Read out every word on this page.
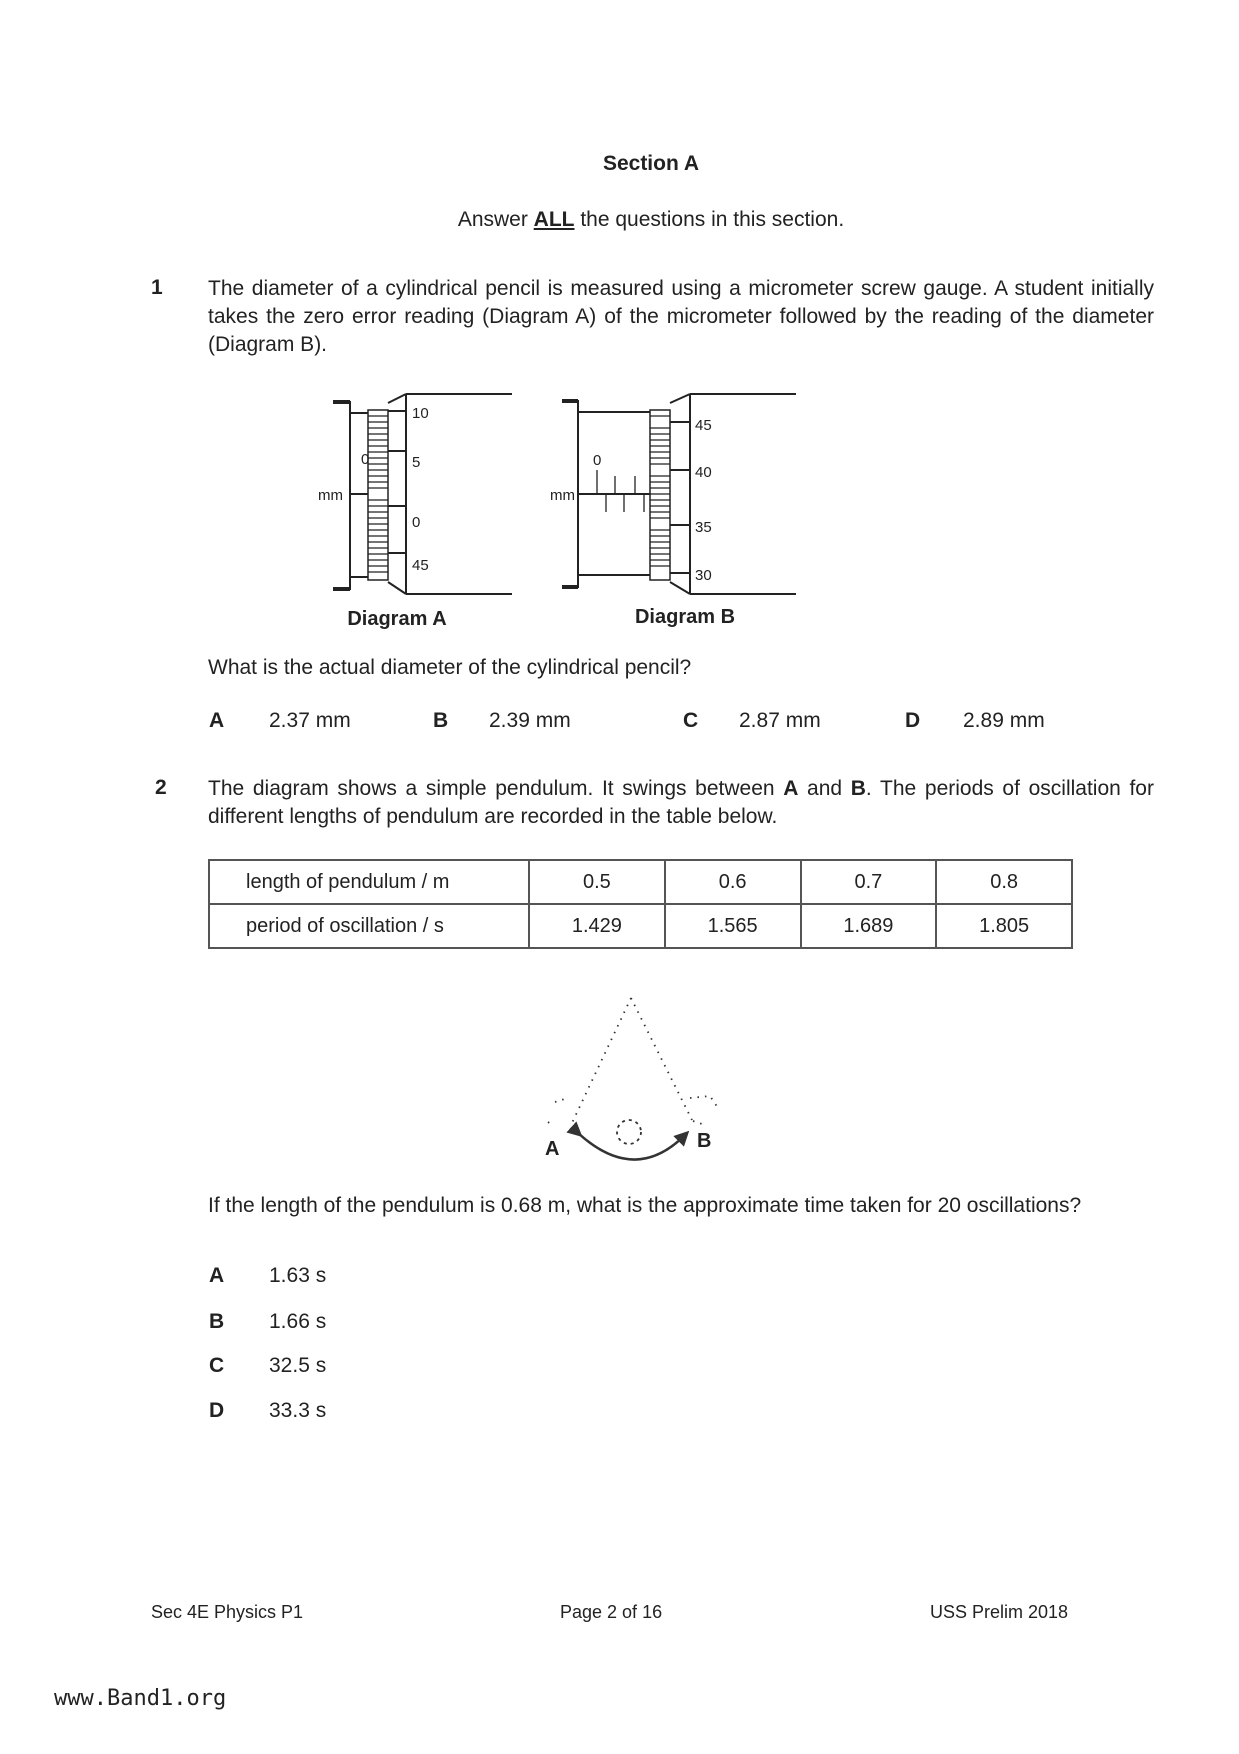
Section A
Answer ALL the questions in this section.
1 The diameter of a cylindrical pencil is measured using a micrometer screw gauge. A student initially takes the zero error reading (Diagram A) of the micrometer followed by the reading of the diameter (Diagram B).
mm
0
10
5
0
45
Diagram A
mm
0
45
40
35
30
Diagram B
What is the actual diameter of the cylindrical pencil?
A 2.37 mm	B 2.39 mm	C 2.87 mm	D 2.89 mm
2 The diagram shows a simple pendulum. It swings between A and B. The periods of oscillation for different lengths of pendulum are recorded in the table below.
length of pendulum / m	0.5	0.6	0.7	0.8
period of oscillation / s	1.429	1.565	1.689	1.805
A	B
If the length of the pendulum is 0.68 m, what is the approximate time taken for 20 oscillations?
A 1.63 s
B 1.66 s
C 32.5 s
D 33.3 s
Sec 4E Physics P1	Page 2 of 16	USS Prelim 2018
www.Band1.org
